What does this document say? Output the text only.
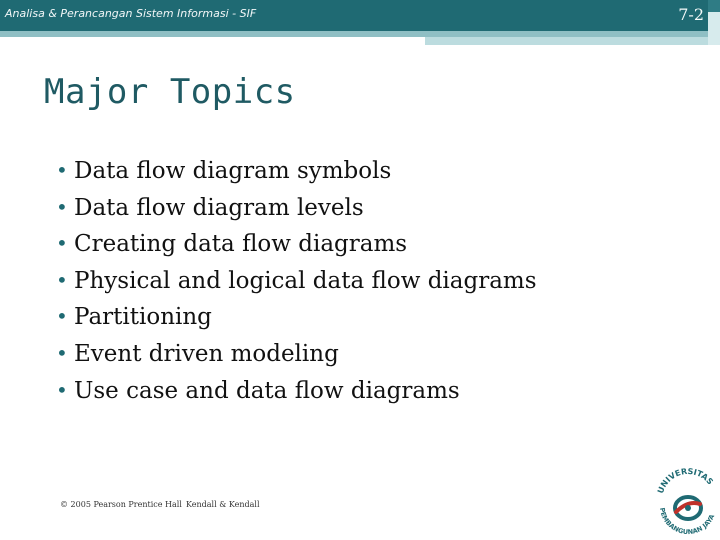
Analisa & Perancangan Sistem Informasi - SIF	7-2
Major Topics
• Data flow diagram symbols
• Data flow diagram levels
• Creating data flow diagrams
• Physical and logical data flow diagrams
• Partitioning
• Event driven modeling
• Use case and data flow diagrams
© 2005 Pearson Prentice Hall Kendall & Kendall
UNIVERSITAS
PEMBANGUNAN JAYA
